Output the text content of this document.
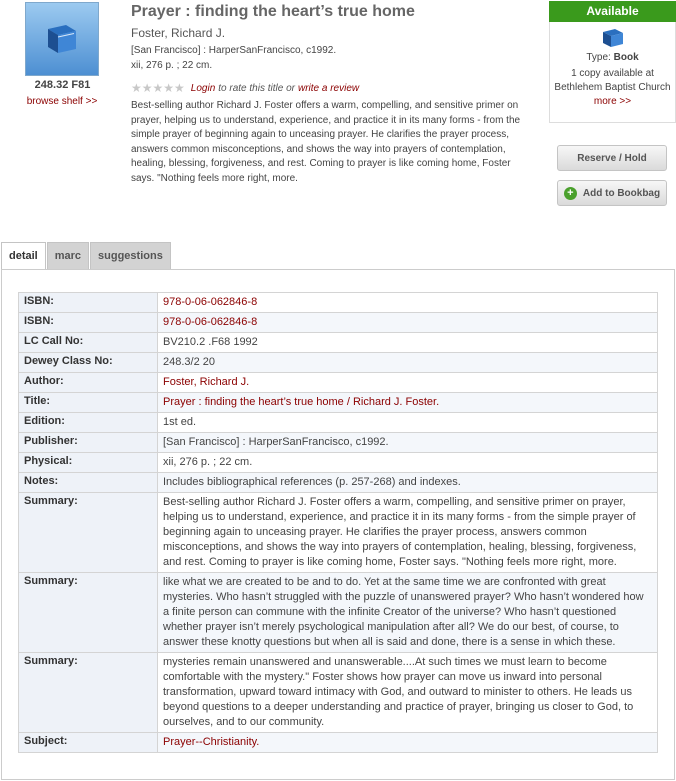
248.32 F81
browse shelf >>
Prayer : finding the heart’s true home
Foster, Richard J.
[San Francisco] : HarperSanFrancisco, c1992.
xii, 276 p. ; 22 cm.
★★★★★ Login to rate this title or write a review
Best-selling author Richard J. Foster offers a warm, compelling, and sensitive primer on prayer, helping us to understand, experience, and practice it in its many forms - from the simple prayer of beginning again to unceasing prayer. He clarifies the prayer process, answers common misconceptions, and shows the way into prayers of contemplation, healing, blessing, forgiveness, and rest. Coming to prayer is like coming home, Foster says. "Nothing feels more right, more.
Available
Type: Book
1 copy available at
Bethlehem Baptist Church
more >>
Reserve / Hold
+ Add to Bookbag
detail	marc	suggestions
ISBN:	978-0-06-062846-8
ISBN:	978-0-06-062846-8
LC Call No:	BV210.2 .F68 1992
Dewey Class No:	248.3/2 20
Author:	Foster, Richard J.
Title:	Prayer : finding the heart’s true home / Richard J. Foster.
Edition:	1st ed.
Publisher:	[San Francisco] : HarperSanFrancisco, c1992.
Physical:	xii, 276 p. ; 22 cm.
Notes:	Includes bibliographical references (p. 257-268) and indexes.
Summary:	Best-selling author Richard J. Foster offers a warm, compelling, and sensitive primer on prayer, helping us to understand, experience, and practice it in its many forms - from the simple prayer of beginning again to unceasing prayer. He clarifies the prayer process, answers common misconceptions, and shows the way into prayers of contemplation, healing, blessing, forgiveness, and rest. Coming to prayer is like coming home, Foster says. "Nothing feels more right, more.
Summary:	like what we are created to be and to do. Yet at the same time we are confronted with great mysteries. Who hasn’t struggled with the puzzle of unanswered prayer? Who hasn’t wondered how a finite person can commune with the infinite Creator of the universe? Who hasn’t questioned whether prayer isn’t merely psychological manipulation after all? We do our best, of course, to answer these knotty questions but when all is said and done, there is a sense in which these.
Summary:	mysteries remain unanswered and unanswerable....At such times we must learn to become comfortable with the mystery." Foster shows how prayer can move us inward into personal transformation, upward toward intimacy with God, and outward to minister to others. He leads us beyond questions to a deeper understanding and practice of prayer, bringing us closer to God, to ourselves, and to our community.
Subject:	Prayer--Christianity.
